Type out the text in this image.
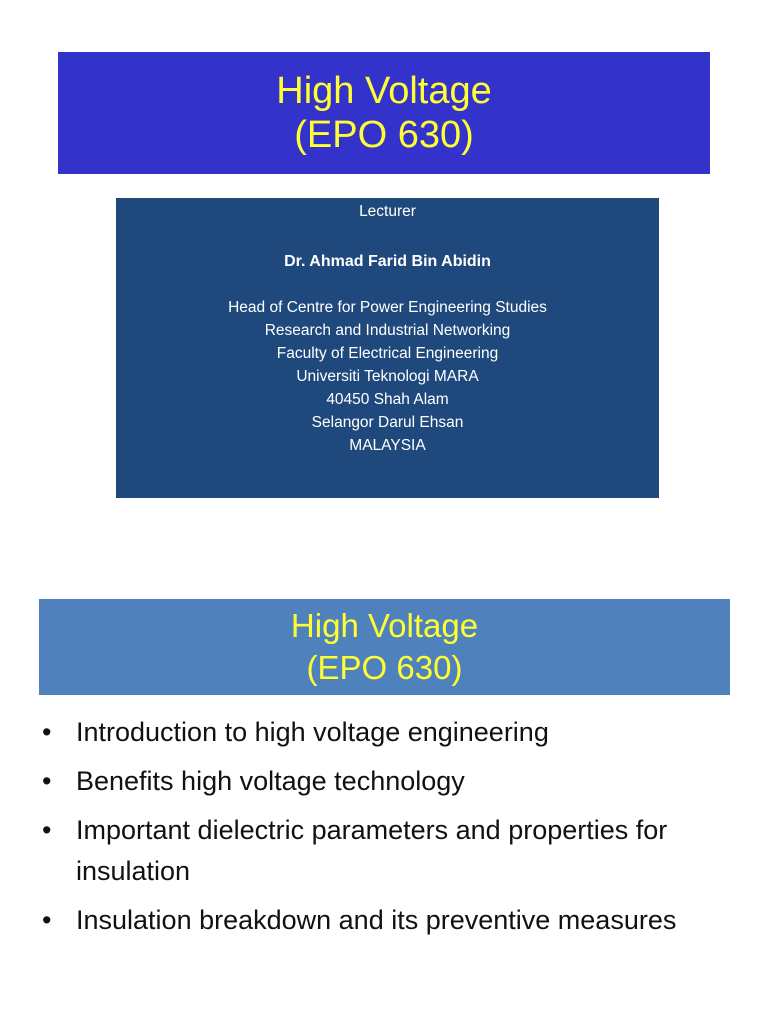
High Voltage
(EPO 630)
Lecturer
Dr. Ahmad Farid Bin Abidin
Head of Centre for Power Engineering Studies
Research and Industrial Networking
Faculty of Electrical Engineering
Universiti Teknologi MARA
40450 Shah Alam
Selangor Darul Ehsan
MALAYSIA
High Voltage
(EPO 630)
• Introduction to high voltage engineering
• Benefits high voltage technology
• Important dielectric parameters and properties for insulation
• Insulation breakdown and its preventive measures
